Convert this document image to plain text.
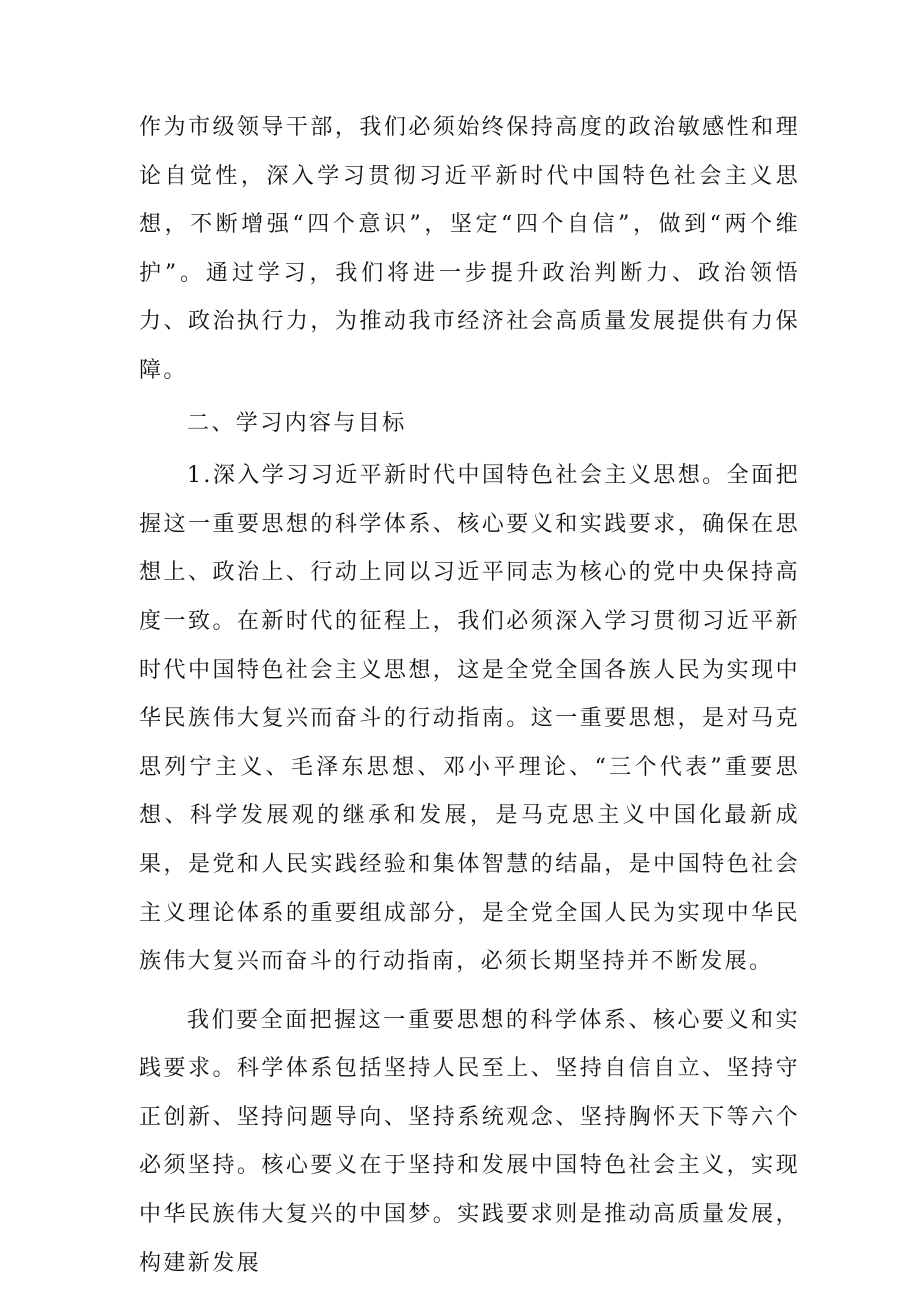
作为市级领导干部，我们必须始终保持高度的政治敏感性和理论自觉性，深入学习贯彻习近平新时代中国特色社会主义思想，不断增强“四个意识”，坚定“四个自信”，做到“两个维护”。通过学习，我们将进一步提升政治判断力、政治领悟力、政治执行力，为推动我市经济社会高质量发展提供有力保障。

二、学习内容与目标

1.深入学习习近平新时代中国特色社会主义思想。全面把握这一重要思想的科学体系、核心要义和实践要求，确保在思想上、政治上、行动上同以习近平同志为核心的党中央保持高度一致。在新时代的征程上，我们必须深入学习贯彻习近平新时代中国特色社会主义思想，这是全党全国各族人民为实现中华民族伟大复兴而奋斗的行动指南。这一重要思想，是对马克思列宁主义、毛泽东思想、邓小平理论、“三个代表”重要思想、科学发展观的继承和发展，是马克思主义中国化最新成果，是党和人民实践经验和集体智慧的结晶，是中国特色社会主义理论体系的重要组成部分，是全党全国人民为实现中华民族伟大复兴而奋斗的行动指南，必须长期坚持并不断发展。

我们要全面把握这一重要思想的科学体系、核心要义和实践要求。科学体系包括坚持人民至上、坚持自信自立、坚持守正创新、坚持问题导向、坚持系统观念、坚持胸怀天下等六个必须坚持。核心要义在于坚持和发展中国特色社会主义，实现中华民族伟大复兴的中国梦。实践要求则是推动高质量发展，构建新发展
